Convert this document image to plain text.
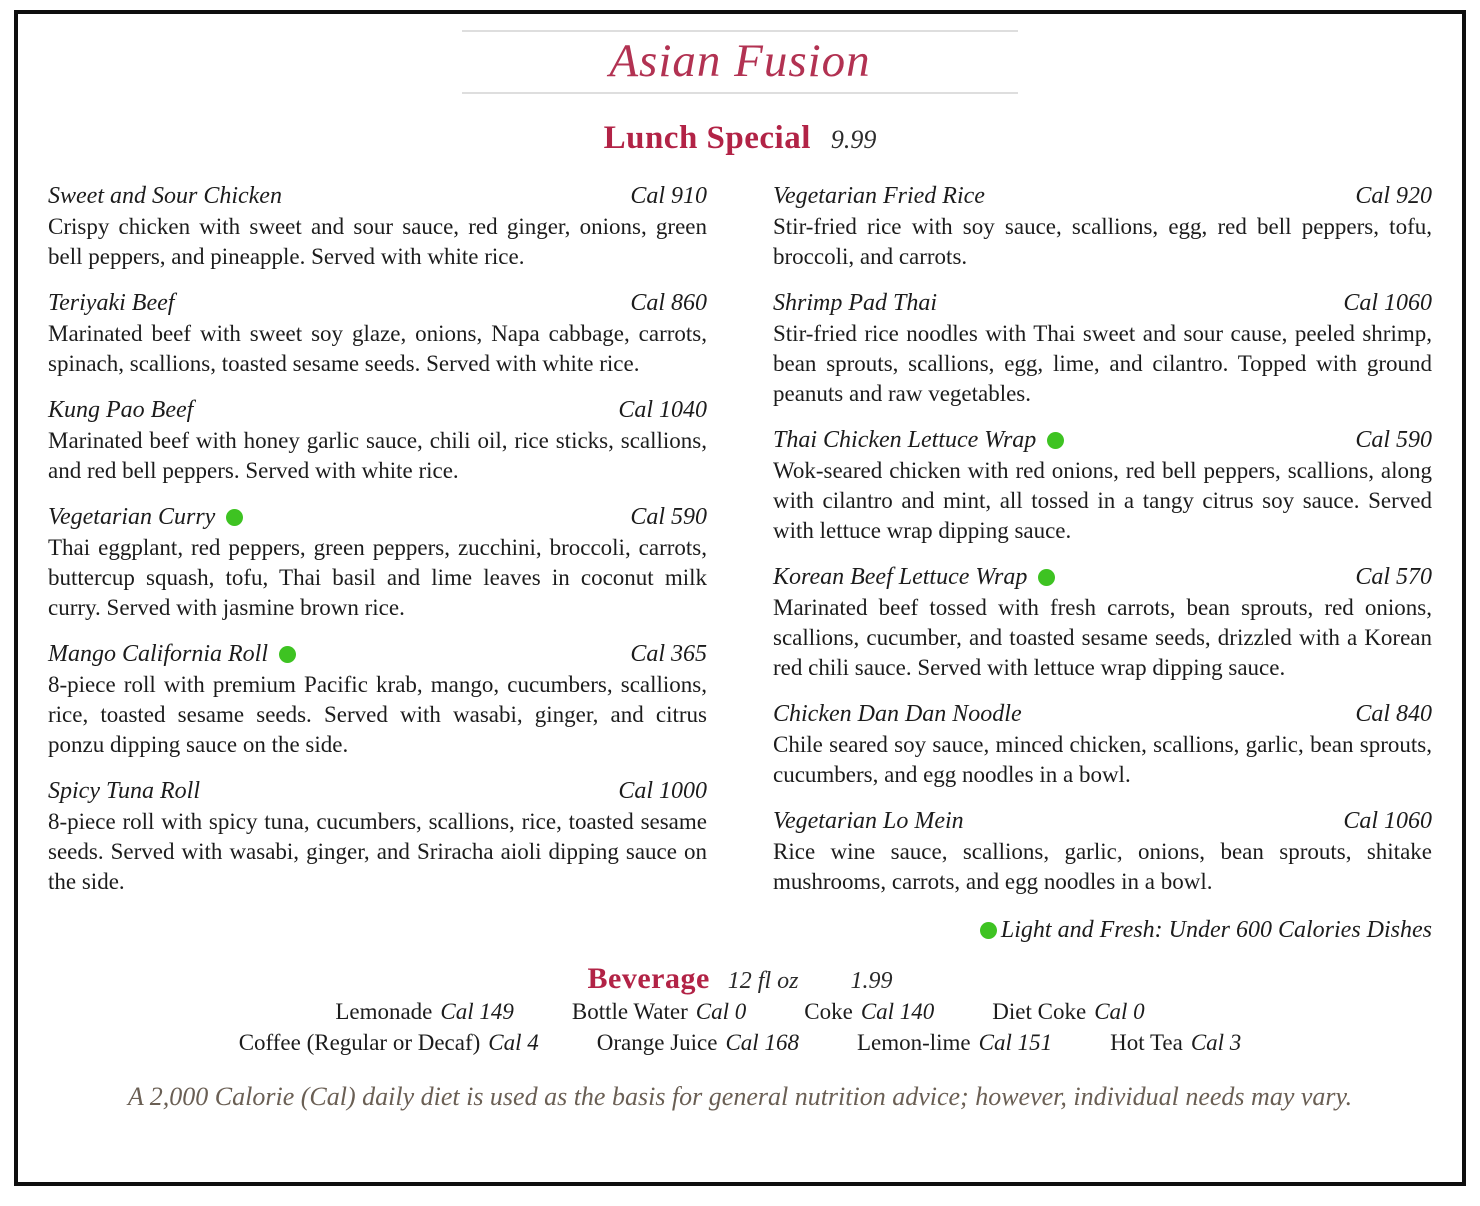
Asian Fusion
Lunch Special 9.99
Sweet and Sour Chicken	Cal 910
Crispy chicken with sweet and sour sauce, red ginger, onions, green bell peppers, and pineapple. Served with white rice.
Teriyaki Beef	Cal 860
Marinated beef with sweet soy glaze, onions, Napa cabbage, carrots, spinach, scallions, toasted sesame seeds. Served with white rice.
Kung Pao Beef	Cal 1040
Marinated beef with honey garlic sauce, chili oil, rice sticks, scallions, and red bell peppers. Served with white rice.
Vegetarian Curry	Cal 590
Thai eggplant, red peppers, green peppers, zucchini, broccoli, carrots, buttercup squash, tofu, Thai basil and lime leaves in coconut milk curry. Served with jasmine brown rice.
Mango California Roll	Cal 365
8-piece roll with premium Pacific krab, mango, cucumbers, scallions, rice, toasted sesame seeds. Served with wasabi, ginger, and citrus ponzu dipping sauce on the side.
Spicy Tuna Roll	Cal 1000
8-piece roll with spicy tuna, cucumbers, scallions, rice, toasted sesame seeds. Served with wasabi, ginger, and Sriracha aioli dipping sauce on the side.
Vegetarian Fried Rice	Cal 920
Stir-fried rice with soy sauce, scallions, egg, red bell peppers, tofu, broccoli, and carrots.
Shrimp Pad Thai	Cal 1060
Stir-fried rice noodles with Thai sweet and sour cause, peeled shrimp, bean sprouts, scallions, egg, lime, and cilantro. Topped with ground peanuts and raw vegetables.
Thai Chicken Lettuce Wrap	Cal 590
Wok-seared chicken with red onions, red bell peppers, scallions, along with cilantro and mint, all tossed in a tangy citrus soy sauce. Served with lettuce wrap dipping sauce.
Korean Beef Lettuce Wrap	Cal 570
Marinated beef tossed with fresh carrots, bean sprouts, red onions, scallions, cucumber, and toasted sesame seeds, drizzled with a Korean red chili sauce. Served with lettuce wrap dipping sauce.
Chicken Dan Dan Noodle	Cal 840
Chile seared soy sauce, minced chicken, scallions, garlic, bean sprouts, cucumbers, and egg noodles in a bowl.
Vegetarian Lo Mein	Cal 1060
Rice wine sauce, scallions, garlic, onions, bean sprouts, shitake mushrooms, carrots, and egg noodles in a bowl.
Light and Fresh: Under 600 Calories Dishes
Beverage 12 fl oz 1.99
Lemonade Cal 149	Bottle Water Cal 0	Coke Cal 140	Diet Coke Cal 0
Coffee (Regular or Decaf) Cal 4	Orange Juice Cal 168	Lemon-lime Cal 151	Hot Tea Cal 3
A 2,000 Calorie (Cal) daily diet is used as the basis for general nutrition advice; however, individual needs may vary.
